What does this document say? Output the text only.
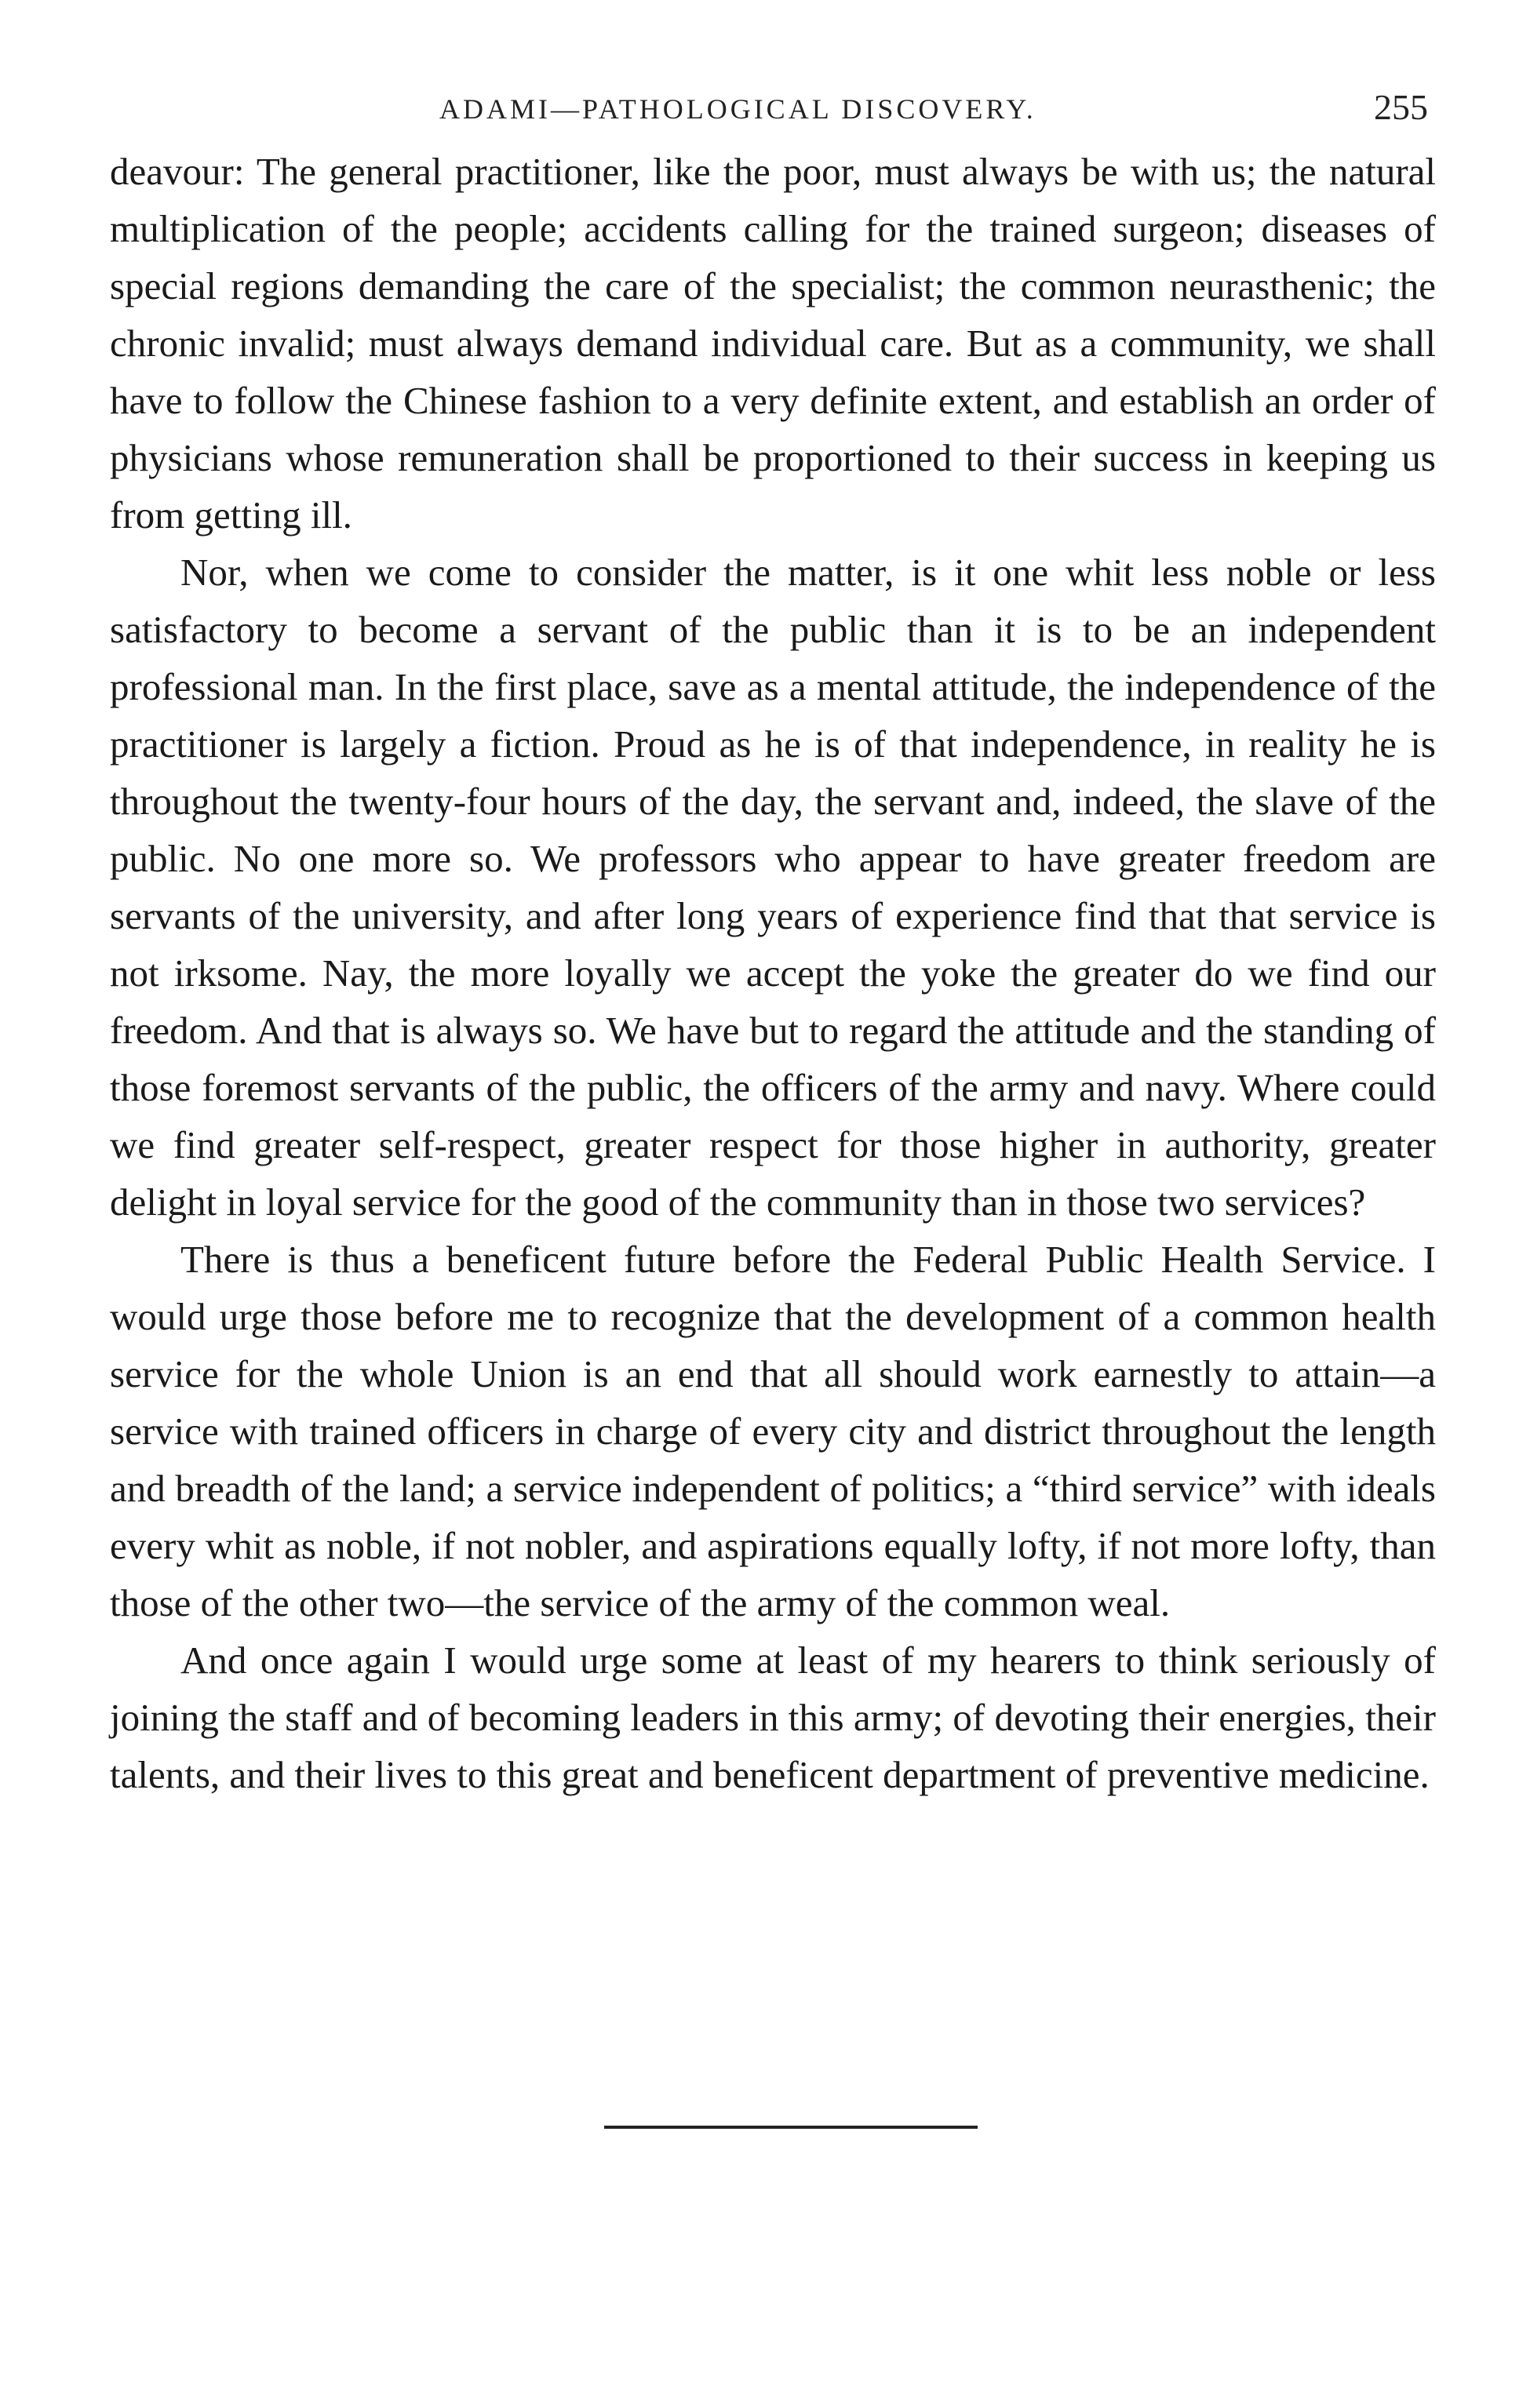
ADAMI—PATHOLOGICAL DISCOVERY.	255

deavour: The general practitioner, like the poor, must always be with us; the natural multiplication of the people; accidents calling for the trained surgeon; diseases of special regions demanding the care of the specialist; the common neurasthenic; the chronic invalid; must always demand individual care. But as a community, we shall have to follow the Chinese fashion to a very definite extent, and establish an order of physicians whose remuneration shall be proportioned to their success in keeping us from getting ill.

Nor, when we come to consider the matter, is it one whit less noble or less satisfactory to become a servant of the public than it is to be an independent professional man. In the first place, save as a mental attitude, the independence of the practitioner is largely a fiction. Proud as he is of that independence, in reality he is throughout the twenty-four hours of the day, the servant and, indeed, the slave of the public. No one more so. We professors who appear to have greater freedom are servants of the university, and after long years of experience find that that service is not irksome. Nay, the more loyally we accept the yoke the greater do we find our freedom. And that is always so. We have but to regard the attitude and the standing of those foremost servants of the public, the officers of the army and navy. Where could we find greater self-respect, greater respect for those higher in authority, greater delight in loyal service for the good of the community than in those two services?

There is thus a beneficent future before the Federal Public Health Service. I would urge those before me to recognize that the development of a common health service for the whole Union is an end that all should work earnestly to attain—a service with trained officers in charge of every city and district throughout the length and breadth of the land; a service independent of politics; a “third service” with ideals every whit as noble, if not nobler, and aspirations equally lofty, if not more lofty, than those of the other two—the service of the army of the common weal.

And once again I would urge some at least of my hearers to think seriously of joining the staff and of becoming leaders in this army; of devoting their energies, their talents, and their lives to this great and beneficent department of preventive medicine.
